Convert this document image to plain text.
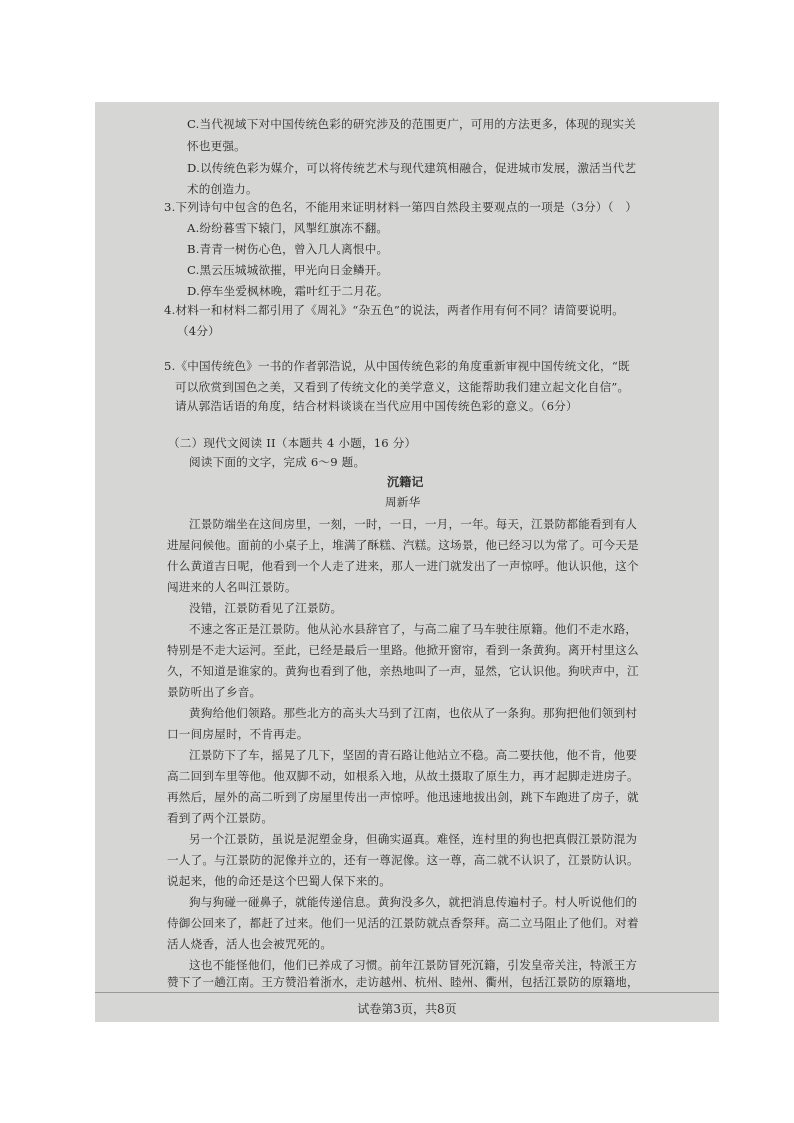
C.当代视域下对中国传统色彩的研究涉及的范围更广，可用的方法更多，体现的现实关
怀也更强。
D.以传统色彩为媒介，可以将传统艺术与现代建筑相融合，促进城市发展，激活当代艺
术的创造力。
3.下列诗句中包含的色名，不能用来证明材料一第四自然段主要观点的一项是（3分）（　）
A.纷纷暮雪下辕门，风掣红旗冻不翻。
B.青青一树伤心色，曾入几人离恨中。
C.黑云压城城欲摧，甲光向日金鳞开。
D.停车坐爱枫林晚，霜叶红于二月花。
4.材料一和材料二都引用了《周礼》“杂五色”的说法，两者作用有何不同？请简要说明。
（4分）
5.《中国传统色》一书的作者郭浩说，从中国传统色彩的角度重新审视中国传统文化，“既
可以欣赏到国色之美，又看到了传统文化的美学意义，这能帮助我们建立起文化自信”。
请从郭浩话语的角度，结合材料谈谈在当代应用中国传统色彩的意义。（6分）
（二）现代文阅读 II（本题共 4 小题，16 分）
阅读下面的文字，完成 6～9 题。
沉籍记
周新华
江景防端坐在这间房里，一刻，一时，一日，一月，一年。每天，江景防都能看到有人
进屋问候他。面前的小桌子上，堆满了酥糕、汽糕。这场景，他已经习以为常了。可今天是
什么黄道吉日呢，他看到一个人走了进来，那人一进门就发出了一声惊呼。他认识他，这个
闯进来的人名叫江景防。
没错，江景防看见了江景防。
不速之客正是江景防。他从沁水县辞官了，与高二雇了马车驶往原籍。他们不走水路，
特别是不走大运河。至此，已经是最后一里路。他掀开窗帘，看到一条黄狗。离开村里这么
久，不知道是谁家的。黄狗也看到了他，亲热地叫了一声，显然，它认识他。狗吠声中，江
景防听出了乡音。
黄狗给他们领路。那些北方的高头大马到了江南，也依从了一条狗。那狗把他们领到村
口一间房屋时，不肯再走。
江景防下了车，摇晃了几下，坚固的青石路让他站立不稳。高二要扶他，他不肯，他要
高二回到车里等他。他双脚不动，如根系入地，从故土摄取了原生力，再才起脚走进房子。
再然后，屋外的高二听到了房屋里传出一声惊呼。他迅速地拔出剑，跳下车跑进了房子，就
看到了两个江景防。
另一个江景防，虽说是泥塑金身，但确实逼真。难怪，连村里的狗也把真假江景防混为
一人了。与江景防的泥像并立的，还有一尊泥像。这一尊，高二就不认识了，江景防认识。
说起来，他的命还是这个巴蜀人保下来的。
狗与狗碰一碰鼻子，就能传递信息。黄狗没多久，就把消息传遍村子。村人听说他们的
侍御公回来了，都赶了过来。他们一见活的江景防就点香祭拜。高二立马阻止了他们。对着
活人烧香，活人也会被咒死的。
这也不能怪他们，他们已养成了习惯。前年江景防冒死沉籍，引发皇帝关注，特派王方
赞下了一趟江南。王方赞沿着浙水，走访越州、杭州、睦州、衢州，包括江景防的原籍地，
试卷第3页，共8页
